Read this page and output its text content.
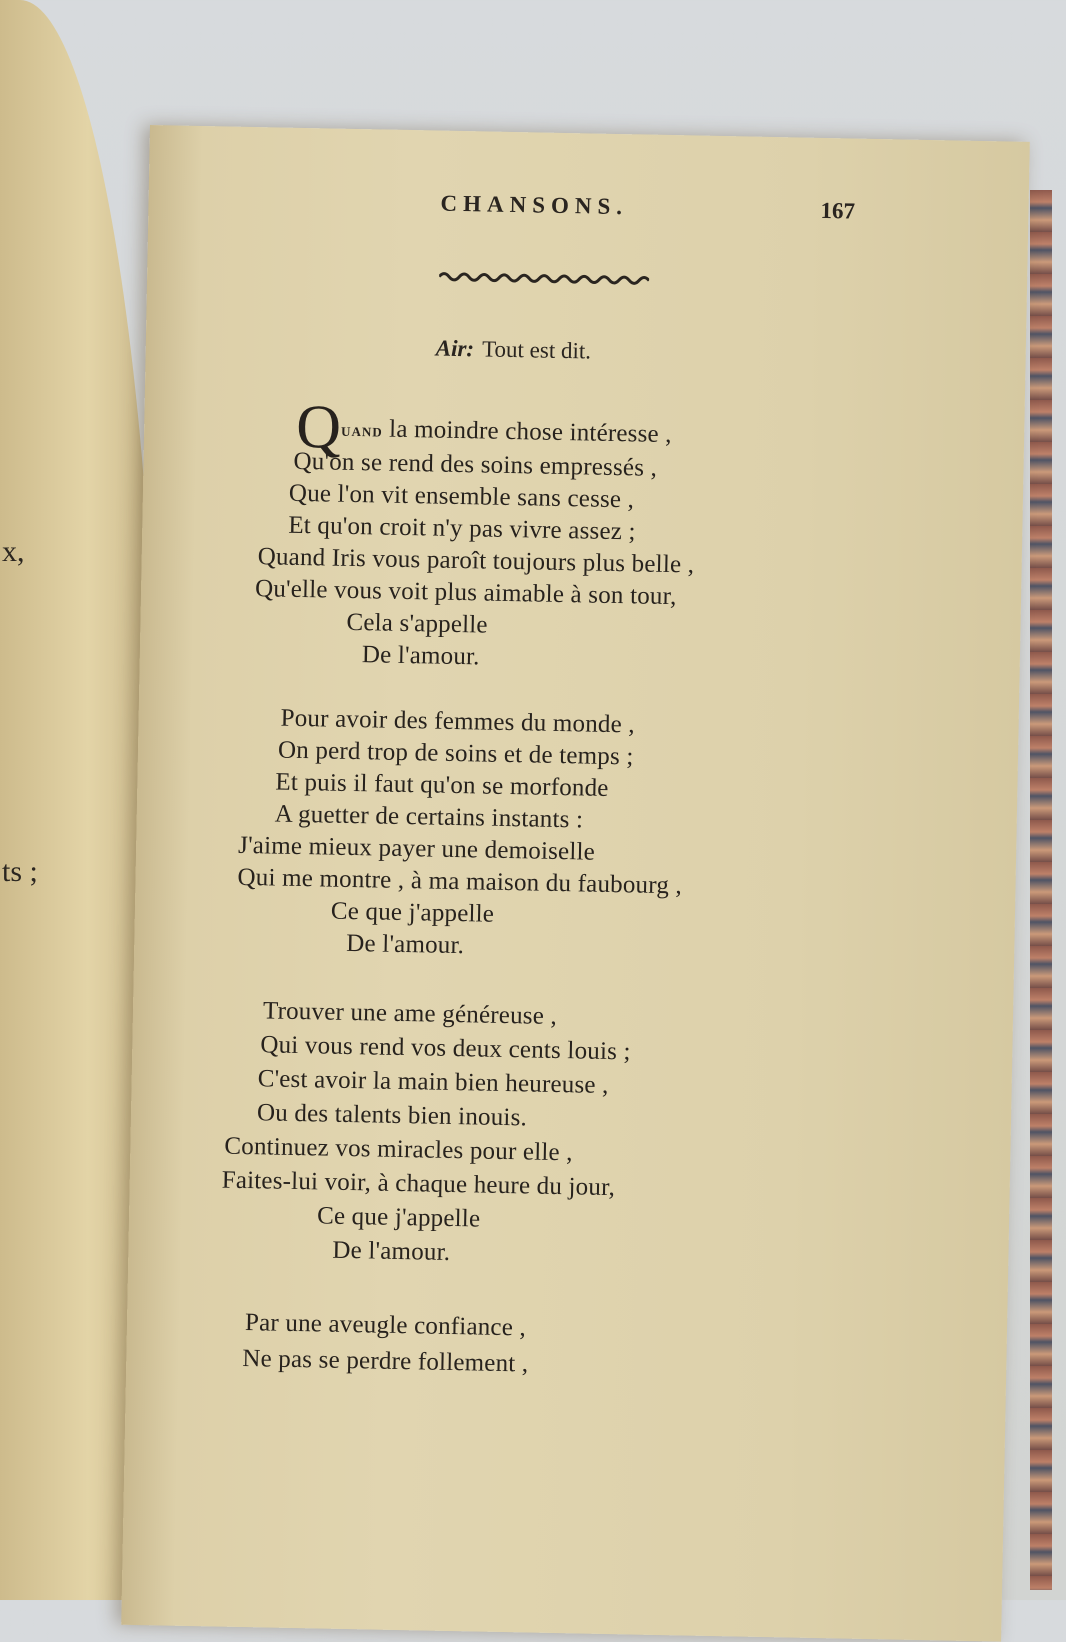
x,
ts ;
CHANSONS.	167
Air: Tout est dit.
Quand la moindre chose intéresse ,
Qu'on se rend des soins empressés ,
Que l'on vit ensemble sans cesse ,
Et qu'on croit n'y pas vivre assez ;
Quand Iris vous paroît toujours plus belle ,
Qu'elle vous voit plus aimable à son tour,
Cela s'appelle
De l'amour.
Pour avoir des femmes du monde ,
On perd trop de soins et de temps ;
Et puis il faut qu'on se morfonde
A guetter de certains instants :
J'aime mieux payer une demoiselle
Qui me montre , à ma maison du faubourg ,
Ce que j'appelle
De l'amour.
Trouver une ame généreuse ,
Qui vous rend vos deux cents louis ;
C'est avoir la main bien heureuse ,
Ou des talents bien inouis.
Continuez vos miracles pour elle ,
Faites-lui voir, à chaque heure du jour,
Ce que j'appelle
De l'amour.
Par une aveugle confiance ,
Ne pas se perdre follement ,
